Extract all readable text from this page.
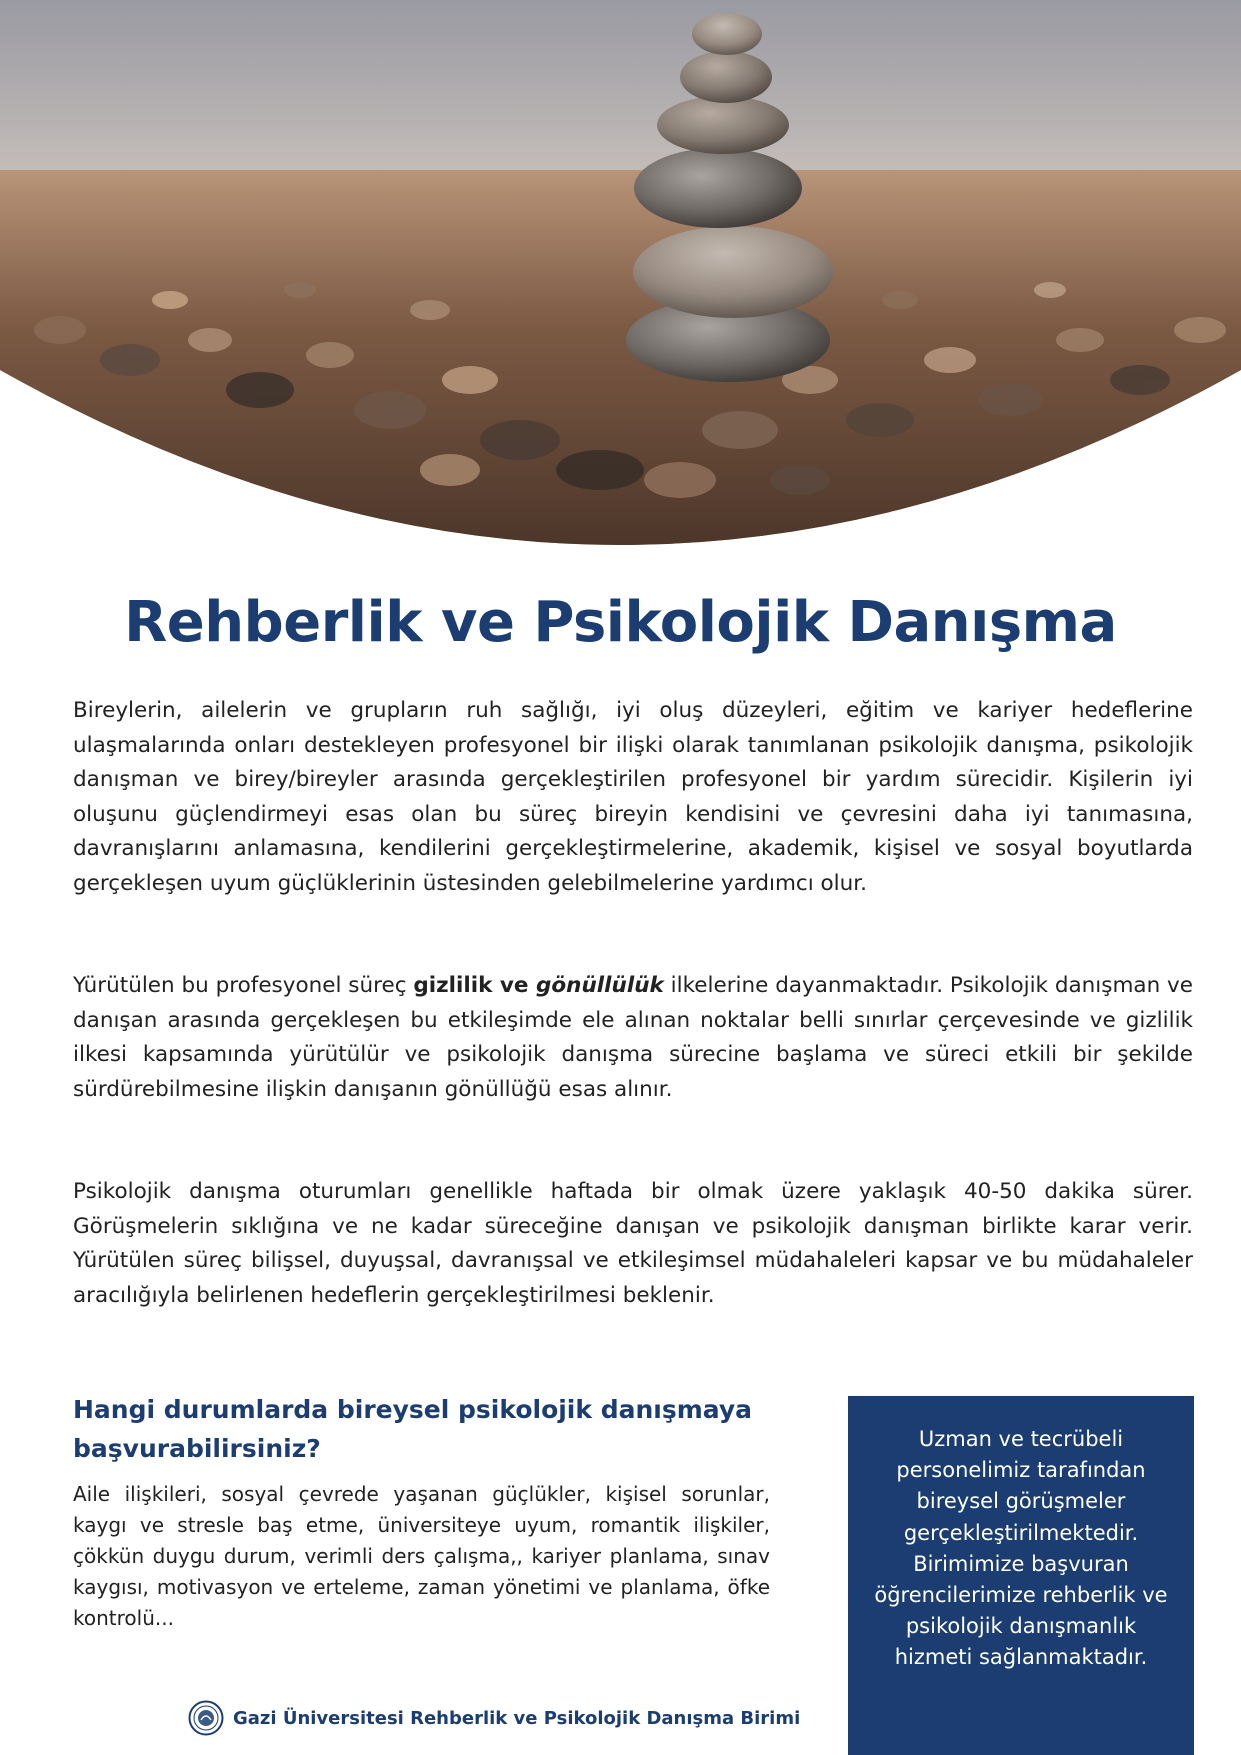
Rehberlik ve Psikolojik Danışma

Bireylerin, ailelerin ve grupların ruh sağlığı, iyi oluş düzeyleri, eğitim ve kariyer hedeflerine ulaşmalarında onları destekleyen profesyonel bir ilişki olarak tanımlanan psikolojik danışma, psikolojik danışman ve birey/bireyler arasında gerçekleştirilen profesyonel bir yardım sürecidir. Kişilerin iyi oluşunu güçlendirmeyi esas olan bu süreç bireyin kendisini ve çevresini daha iyi tanımasına, davranışlarını anlamasına, kendilerini gerçekleştirmelerine, akademik, kişisel ve sosyal boyutlarda gerçekleşen uyum güçlüklerinin üstesinden gelebilmelerine yardımcı olur.

Yürütülen bu profesyonel süreç gizlilik ve gönüllülük ilkelerine dayanmaktadır. Psikolojik danışman ve danışan arasında gerçekleşen bu etkileşimde ele alınan noktalar belli sınırlar çerçevesinde ve gizlilik ilkesi kapsamında yürütülür ve psikolojik danışma sürecine başlama ve süreci etkili bir şekilde sürdürebilmesine ilişkin danışanın gönüllüğü esas alınır.

Psikolojik danışma oturumları genellikle haftada bir olmak üzere yaklaşık 40-50 dakika sürer. Görüşmelerin sıklığına ve ne kadar süreceğine danışan ve psikolojik danışman birlikte karar verir. Yürütülen süreç bilişsel, duyuşsal, davranışsal ve etkileşimsel müdahaleleri kapsar ve bu müdahaleler aracılığıyla belirlenen hedeflerin gerçekleştirilmesi beklenir.

Hangi durumlarda bireysel psikolojik danışmaya başvurabilirsiniz?

Aile ilişkileri, sosyal çevrede yaşanan güçlükler, kişisel sorunlar, kaygı ve stresle baş etme, üniversiteye uyum, romantik ilişkiler, çökkün duygu durum, verimli ders çalışma,, kariyer planlama, sınav kaygısı, motivasyon ve erteleme, zaman yönetimi ve planlama, öfke kontrolü...

Uzman ve tecrübeli personelimiz tarafından bireysel görüşmeler gerçekleştirilmektedir. Birimimize başvuran öğrencilerimize rehberlik ve psikolojik danışmanlık hizmeti sağlanmaktadır.

Gazi Üniversitesi Rehberlik ve Psikolojik Danışma Birimi
